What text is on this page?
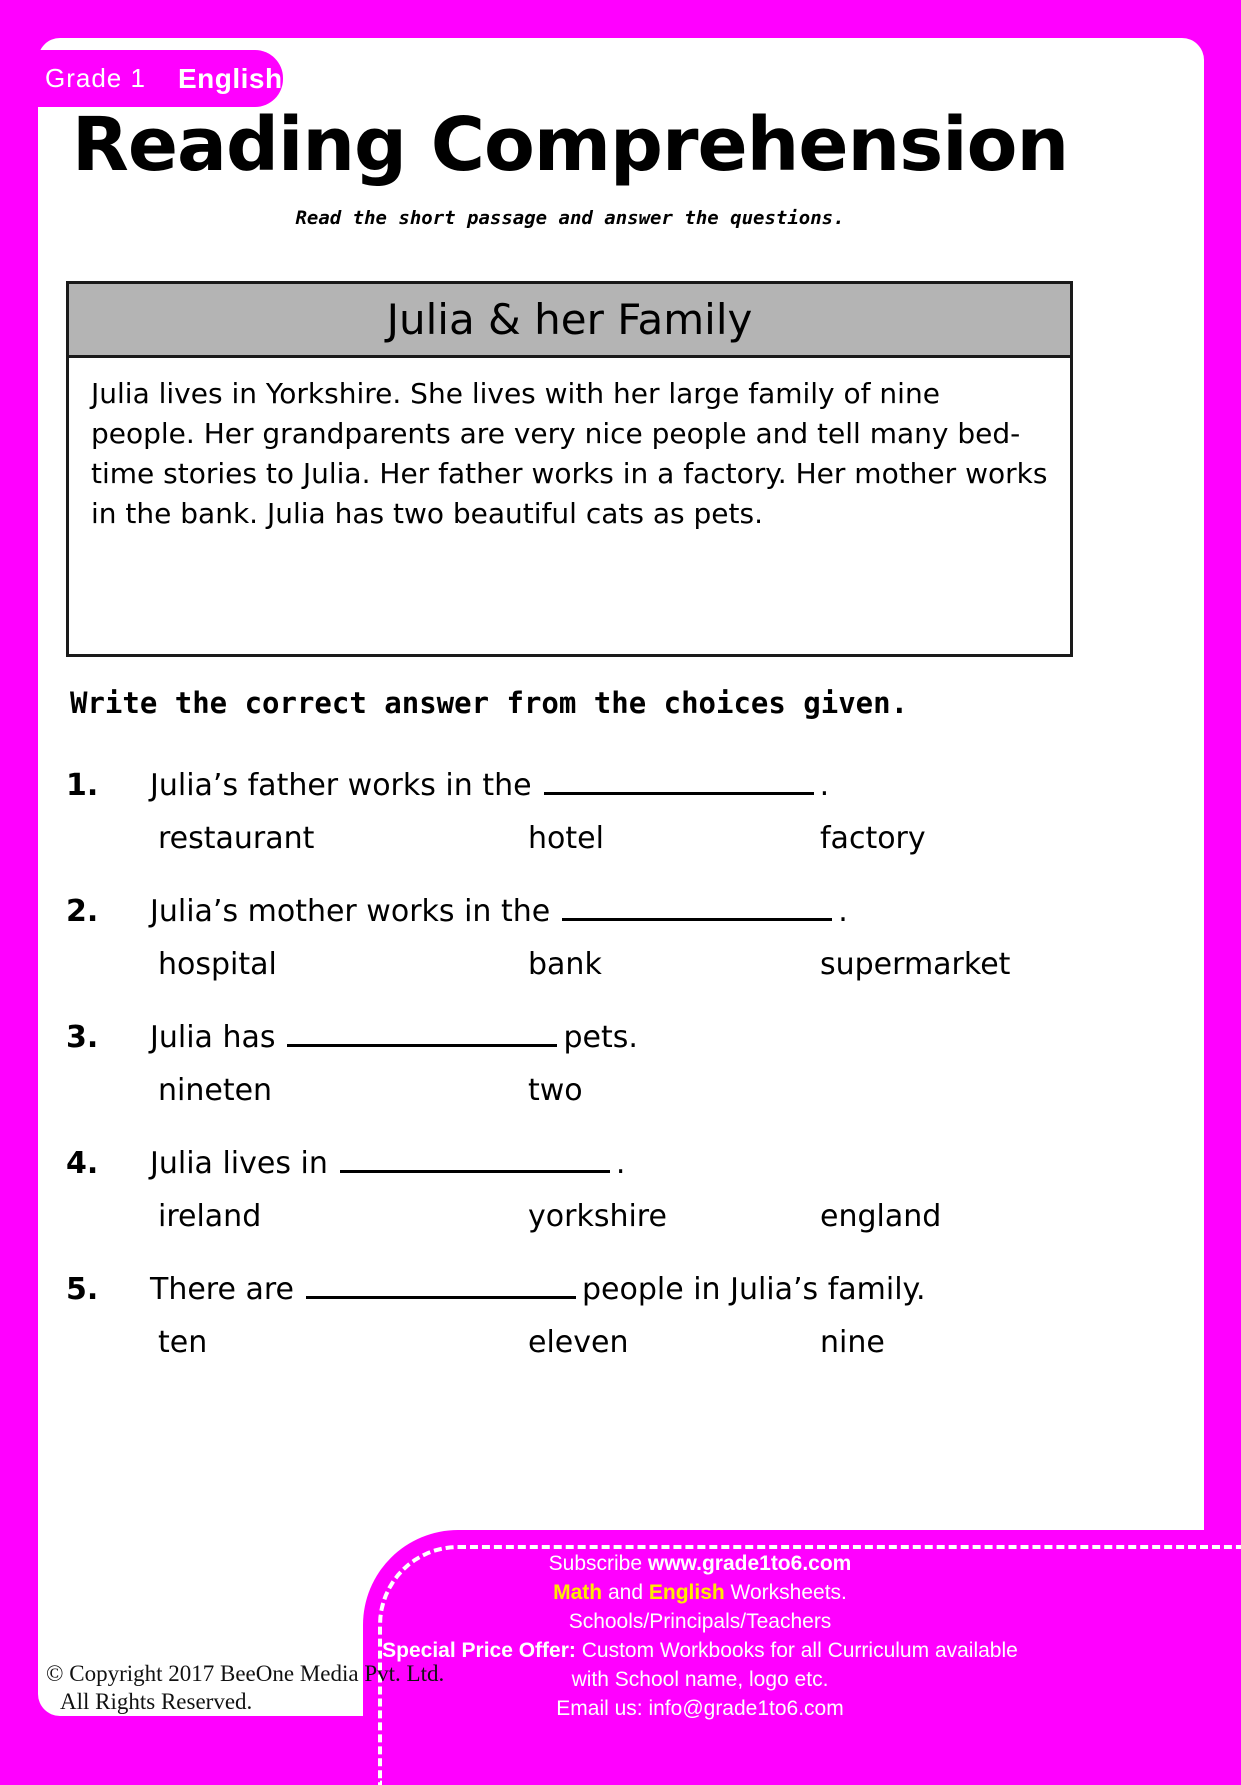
Grade 1 English
Reading Comprehension
Read the short passage and answer the questions.
Julia & her Family
Julia lives in Yorkshire. She lives with her large family of nine people. Her grandparents are very nice people and tell many bed-time stories to Julia. Her father works in a factory. Her mother works in the bank. Julia has two beautiful cats as pets.
Write the correct answer from the choices given.
1. Julia’s father works in the	.
restaurant	hotel	factory
2. Julia’s mother works in the	.
hospital	bank	supermarket
3. Julia has	pets.
nineten	two
4. Julia lives in	.
ireland	yorkshire	england
5. There are	people in Julia’s family.
ten	eleven	nine
Subscribe www.grade1to6.com
Math and English Worksheets.
Schools/Principals/Teachers
Special Price Offer: Custom Workbooks for all Curriculum available
with School name, logo etc.
Email us: info@grade1to6.com
© Copyright 2017 BeeOne Media Pvt. Ltd.
All Rights Reserved.
